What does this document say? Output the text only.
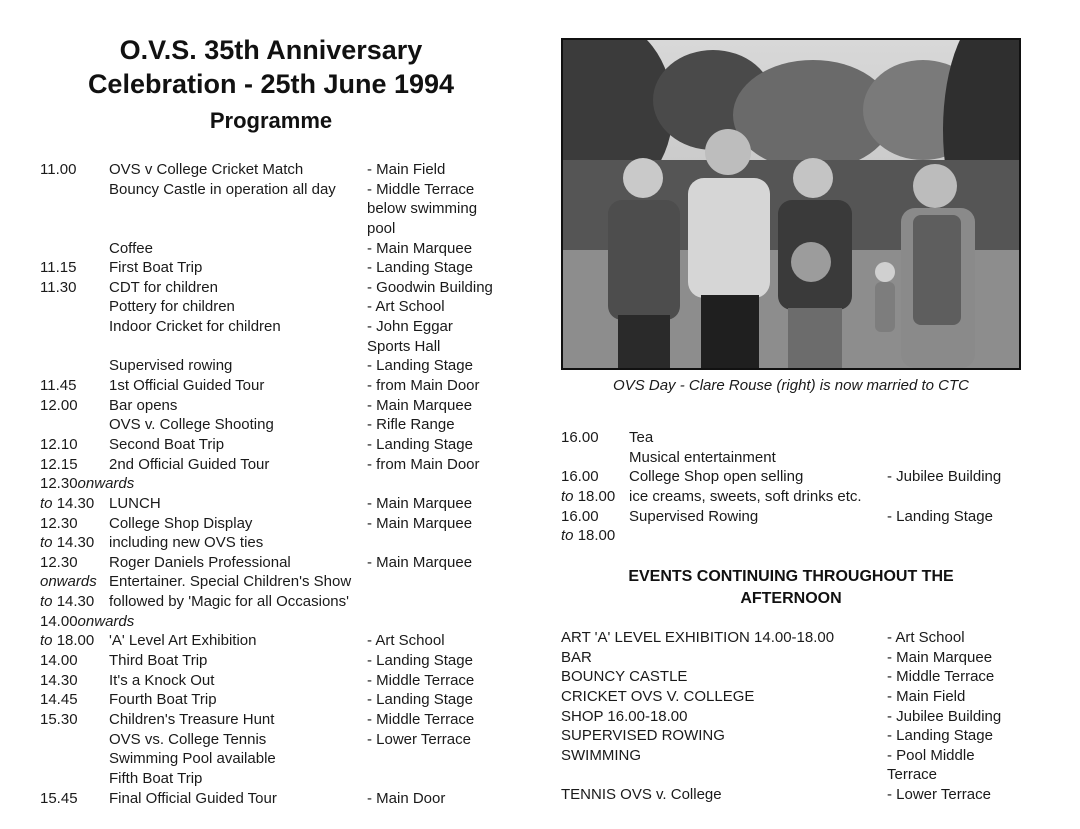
O.V.S. 35th Anniversary
Celebration - 25th June 1994
Programme
11.00	OVS v College Cricket Match	- Main Field
Bouncy Castle in operation all day	- Middle Terrace
below swimming
pool
Coffee	- Main Marquee
11.15	First Boat Trip	- Landing Stage
11.30	CDT for children	- Goodwin Building
Pottery for children	- Art School
Indoor Cricket for children	- John Eggar
Sports Hall
Supervised rowing	- Landing Stage
11.45	1st Official Guided Tour	- from Main Door
12.00	Bar opens	- Main Marquee
OVS v. College Shooting	- Rifle Range
12.10	Second Boat Trip	- Landing Stage
12.15	2nd Official Guided Tour	- from Main Door
12.30 onwards
to 14.30 LUNCH	- Main Marquee
12.30	College Shop Display	- Main Marquee
to 14.30 including new OVS ties
12.30	Roger Daniels Professional	- Main Marquee
onwards Entertainer. Special Children's Show
to 14.30 followed by 'Magic for all Occasions'
14.00 onwards
to 18.00 'A' Level Art Exhibition	- Art School
14.00	Third Boat Trip	- Landing Stage
14.30	It's a Knock Out	- Middle Terrace
14.45	Fourth Boat Trip	- Landing Stage
15.30	Children's Treasure Hunt	- Middle Terrace
OVS vs. College Tennis	- Lower Terrace
Swimming Pool available
Fifth Boat Trip
15.45	Final Official Guided Tour	- Main Door
OVS Day - Clare Rouse (right) is now married to CTC
16.00	Tea
Musical entertainment
16.00	College Shop open selling	- Jubilee Building
to 18.00 ice creams, sweets, soft drinks etc.
16.00	Supervised Rowing	- Landing Stage
to 18.00
EVENTS CONTINUING THROUGHOUT THE
AFTERNOON
ART 'A' LEVEL EXHIBITION 14.00-18.00	- Art School
BAR	- Main Marquee
BOUNCY CASTLE	- Middle Terrace
CRICKET OVS V. COLLEGE	- Main Field
SHOP 16.00-18.00	- Jubilee Building
SUPERVISED ROWING	- Landing Stage
SWIMMING	- Pool Middle
Terrace
TENNIS OVS v. College	- Lower Terrace
